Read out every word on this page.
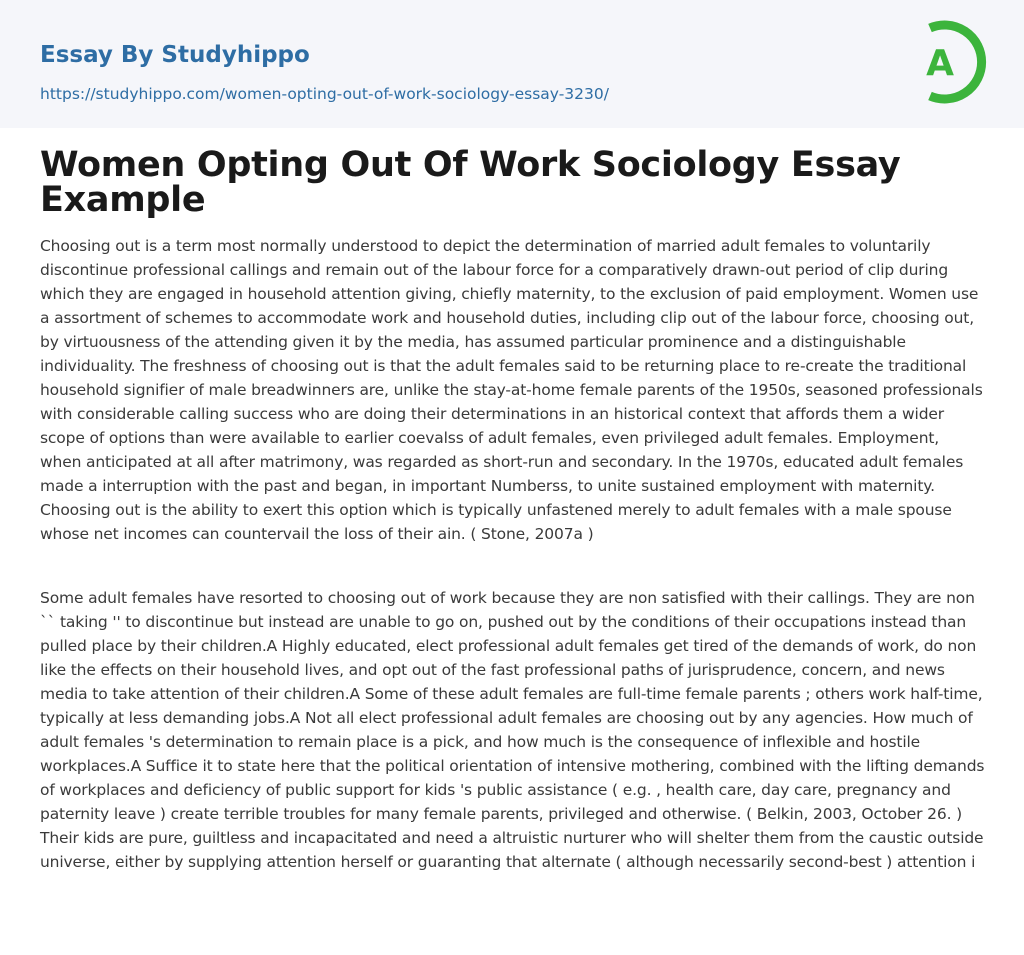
Essay By Studyhippo
https://studyhippo.com/women-opting-out-of-work-sociology-essay-3230/
A
Women Opting Out Of Work Sociology Essay Example

Choosing out is a term most normally understood to depict the determination of married adult females to voluntarily discontinue professional callings and remain out of the labour force for a comparatively drawn-out period of clip during which they are engaged in household attention giving, chiefly maternity, to the exclusion of paid employment. Women use a assortment of schemes to accommodate work and household duties, including clip out of the labour force, choosing out, by virtuousness of the attending given it by the media, has assumed particular prominence and a distinguishable individuality. The freshness of choosing out is that the adult females said to be returning place to re-create the traditional household signifier of male breadwinners are, unlike the stay-at-home female parents of the 1950s, seasoned professionals with considerable calling success who are doing their determinations in an historical context that affords them a wider scope of options than were available to earlier coevalss of adult females, even privileged adult females. Employment, when anticipated at all after matrimony, was regarded as short-run and secondary. In the 1970s, educated adult females made a interruption with the past and began, in important Numberss, to unite sustained employment with maternity. Choosing out is the ability to exert this option which is typically unfastened merely to adult females with a male spouse whose net incomes can countervail the loss of their ain. ( Stone, 2007a )

Some adult females have resorted to choosing out of work because they are non satisfied with their callings. They are non `` taking '' to discontinue but instead are unable to go on, pushed out by the conditions of their occupations instead than pulled place by their children.A Highly educated, elect professional adult females get tired of the demands of work, do non like the effects on their household lives, and opt out of the fast professional paths of jurisprudence, concern, and news media to take attention of their children.A Some of these adult females are full-time female parents ; others work half-time, typically at less demanding jobs.A Not all elect professional adult females are choosing out by any agencies. How much of adult females 's determination to remain place is a pick, and how much is the consequence of inflexible and hostile workplaces.A Suffice it to state here that the political orientation of intensive mothering, combined with the lifting demands of workplaces and deficiency of public support for kids 's public assistance ( e.g. , health care, day care, pregnancy and paternity leave ) create terrible troubles for many female parents, privileged and otherwise. ( Belkin, 2003, October 26. ) Their kids are pure, guiltless and incapacitated and need a altruistic nurturer who will shelter them from the caustic outside universe, either by supplying attention herself or guaranting that alternate ( although necessarily second-best ) attention i
